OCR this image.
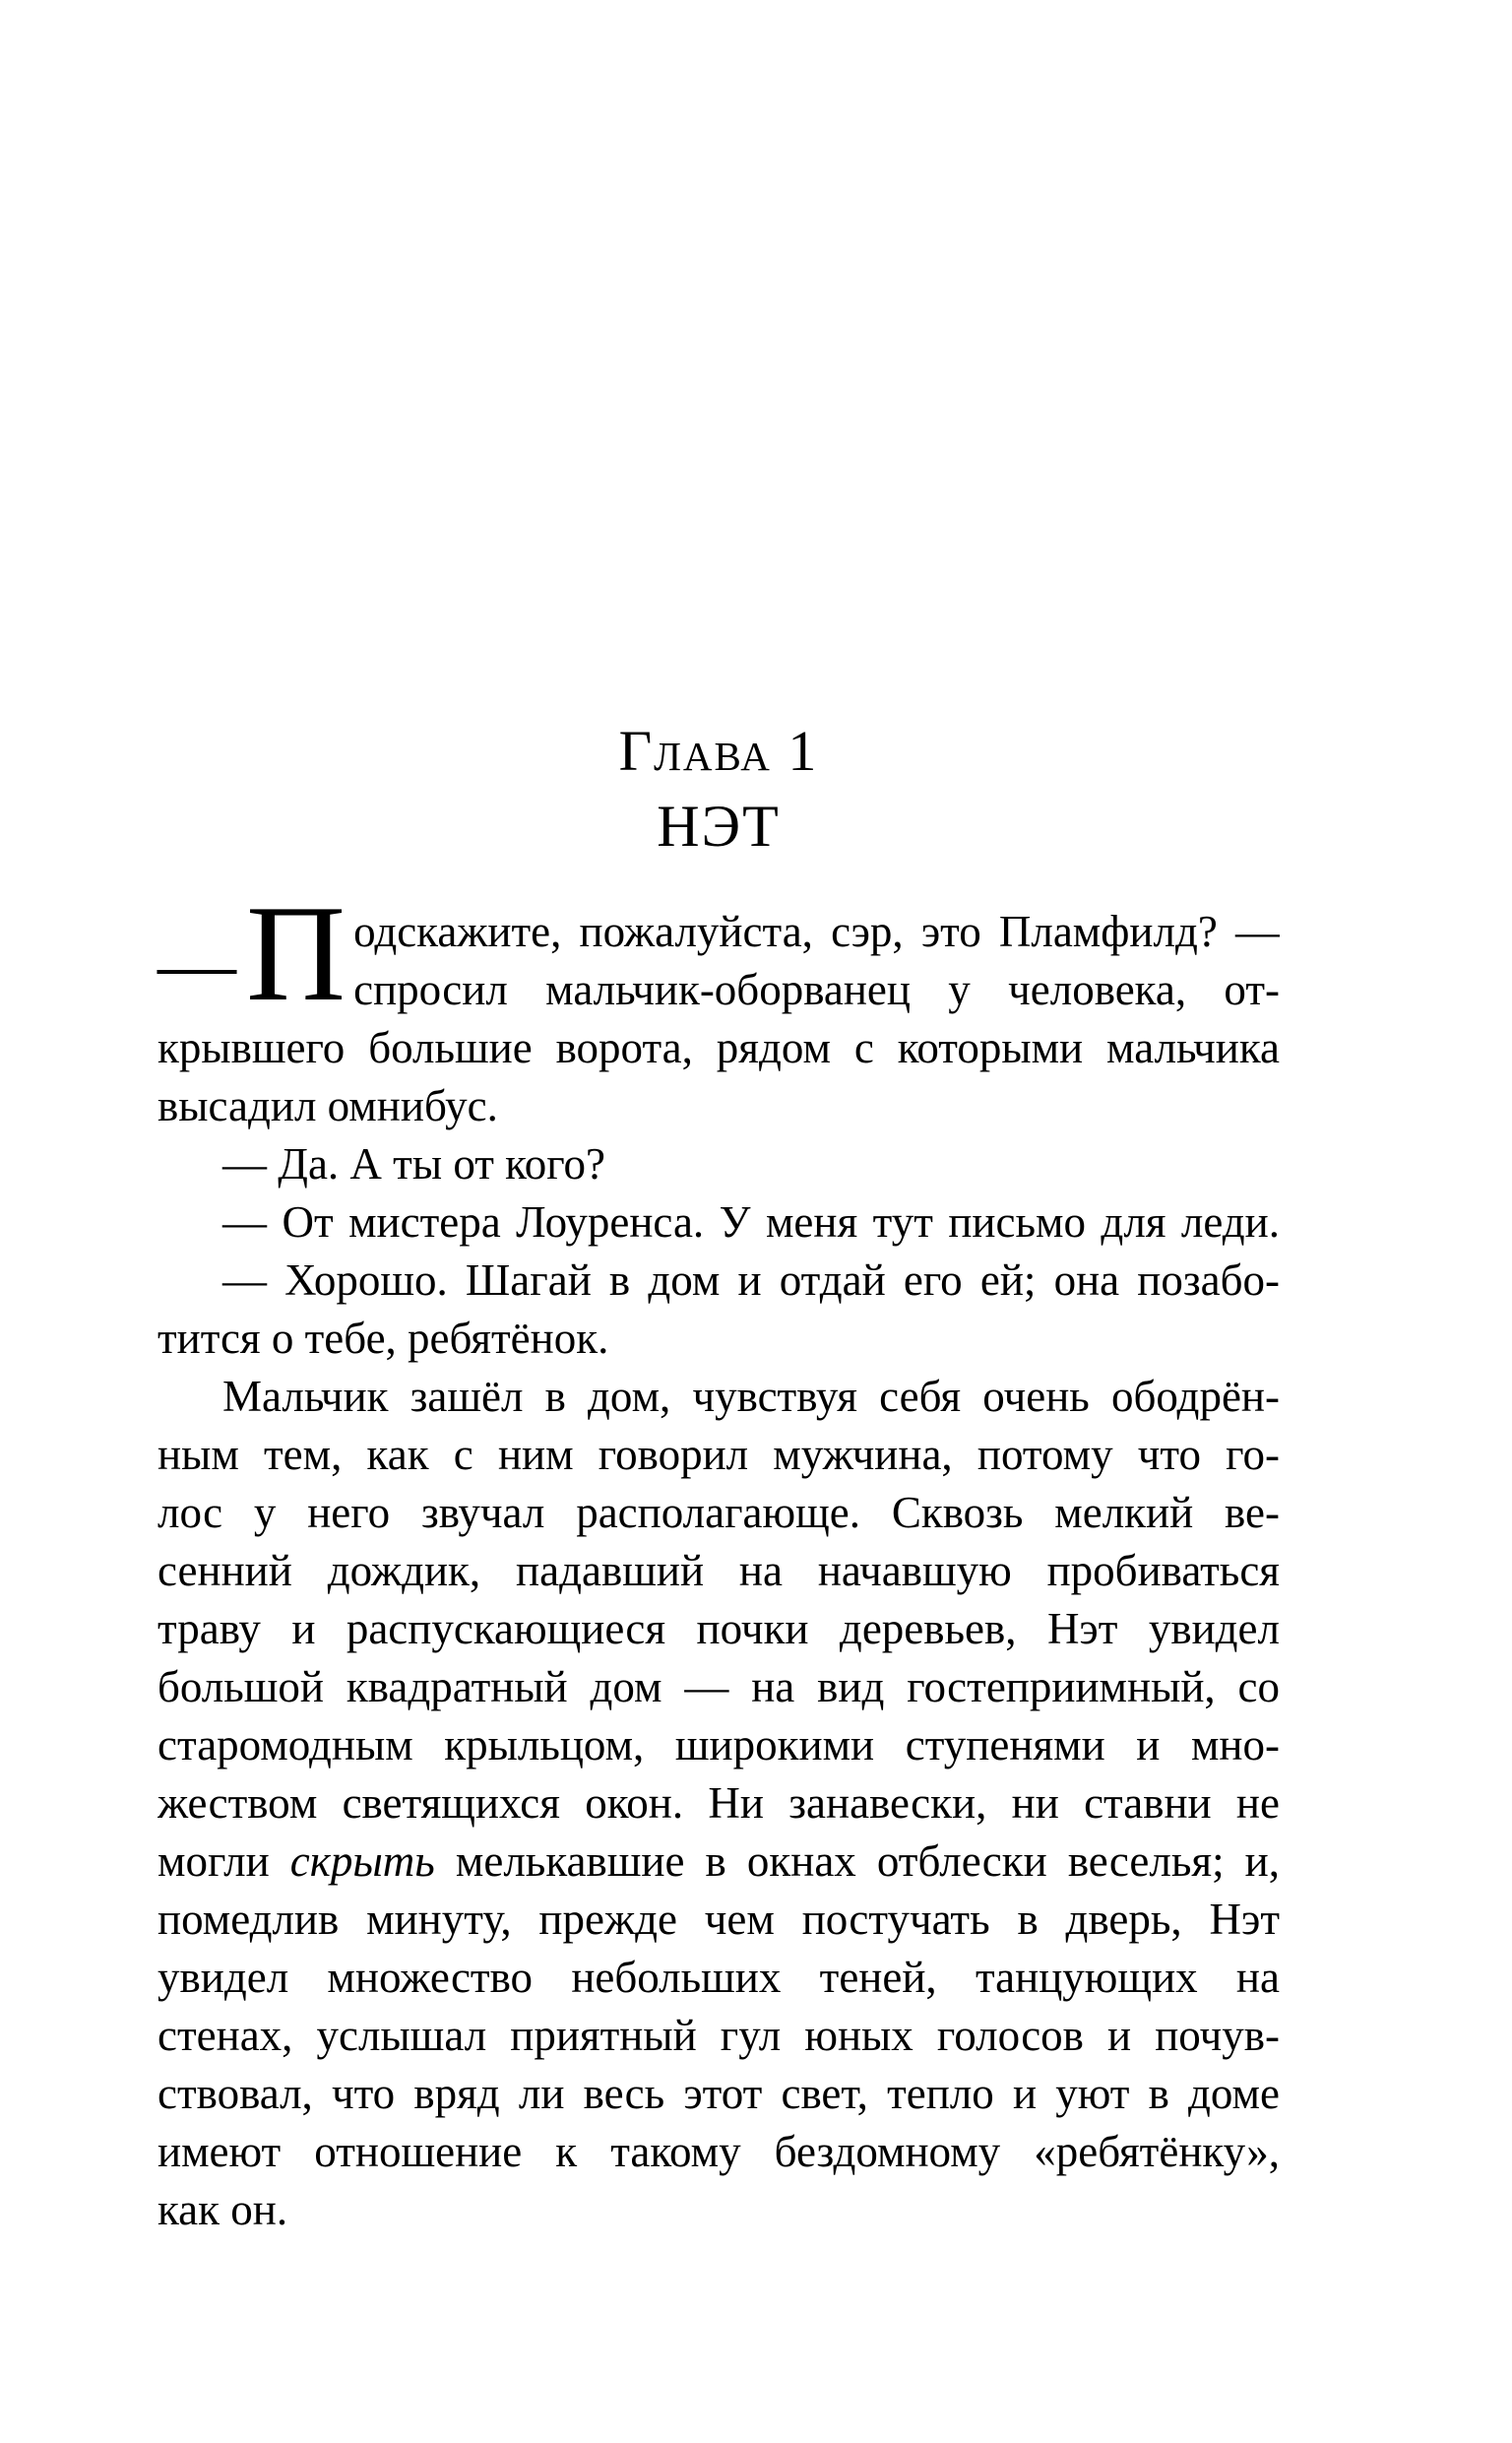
Глава 1
НЭТ
— П одскажите, пожалуйста, сэр, это Пламфилд? —
спросил мальчик-оборванец у человека, от-
крывшего большие ворота, рядом с которыми мальчика
высадил омнибус.
— Да. А ты от кого?
— От мистера Лоуренса. У меня тут письмо для леди.
— Хорошо. Шагай в дом и отдай его ей; она позабо-
тится о тебе, ребятёнок.
Мальчик зашёл в дом, чувствуя себя очень ободрён-
ным тем, как с ним говорил мужчина, потому что го-
лос у него звучал располагающе. Сквозь мелкий ве-
сенний дождик, падавший на начавшую пробиваться
траву и распускающиеся почки деревьев, Нэт увидел
большой квадратный дом — на вид гостеприимный, со
старомодным крыльцом, широкими ступенями и мно-
жеством светящихся окон. Ни занавески, ни ставни не
могли скрыть мелькавшие в окнах отблески веселья; и,
помедлив минуту, прежде чем постучать в дверь, Нэт
увидел множество небольших теней, танцующих на
стенах, услышал приятный гул юных голосов и почув-
ствовал, что вряд ли весь этот свет, тепло и уют в доме
имеют отношение к такому бездомному «ребятёнку»,
как он.
